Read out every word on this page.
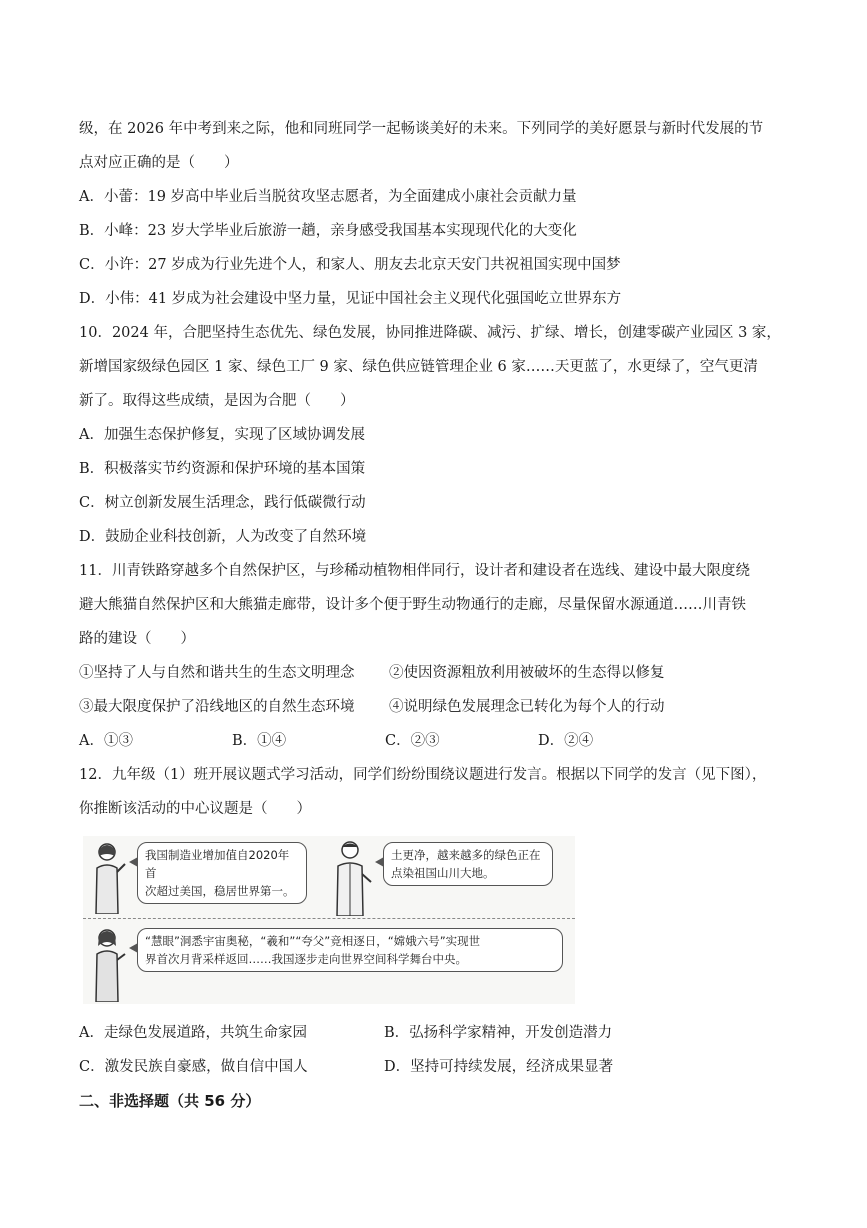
级，在 2026 年中考到来之际，他和同班同学一起畅谈美好的未来。下列同学的美好愿景与新时代发展的节
点对应正确的是（　　）
A．小蕾：19 岁高中毕业后当脱贫攻坚志愿者，为全面建成小康社会贡献力量
B．小峰：23 岁大学毕业后旅游一趟，亲身感受我国基本实现现代化的大变化
C．小许：27 岁成为行业先进个人，和家人、朋友去北京天安门共祝祖国实现中国梦
D．小伟：41 岁成为社会建设中坚力量，见证中国社会主义现代化强国屹立世界东方
10．2024 年，合肥坚持生态优先、绿色发展，协同推进降碳、减污、扩绿、增长，创建零碳产业园区 3 家，
新增国家级绿色园区 1 家、绿色工厂 9 家、绿色供应链管理企业 6 家……天更蓝了，水更绿了，空气更清
新了。取得这些成绩，是因为合肥（　　）
A．加强生态保护修复，实现了区域协调发展
B．积极落实节约资源和保护环境的基本国策
C．树立创新发展生活理念，践行低碳微行动
D．鼓励企业科技创新，人为改变了自然环境
11．川青铁路穿越多个自然保护区，与珍稀动植物相伴同行，设计者和建设者在选线、建设中最大限度绕
避大熊猫自然保护区和大熊猫走廊带，设计多个便于野生动物通行的走廊，尽量保留水源通道……川青铁
路的建设（　　）
①坚持了人与自然和谐共生的生态文明理念 ②使因资源粗放利用被破坏的生态得以修复
③最大限度保护了沿线地区的自然生态环境 ④说明绿色发展理念已转化为每个人的行动
A．①③	B．①④	C．②③	D．②④
12．九年级（1）班开展议题式学习活动，同学们纷纷围绕议题进行发言。根据以下同学的发言（见下图），
你推断该活动的中心议题是（　　）
我国制造业增加值自2020年首
次超过美国，稳居世界第一。
土更净，越来越多的绿色正在
点染祖国山川大地。
“慧眼”洞悉宇宙奥秘，“羲和”“夸父”竞相逐日，“嫦娥六号”实现世
界首次月背采样返回……我国逐步走向世界空间科学舞台中央。
A．走绿色发展道路，共筑生命家园	B．弘扬科学家精神，开发创造潜力
C．激发民族自豪感，做自信中国人	D．坚持可持续发展，经济成果显著
二、非选择题（共 56 分）
